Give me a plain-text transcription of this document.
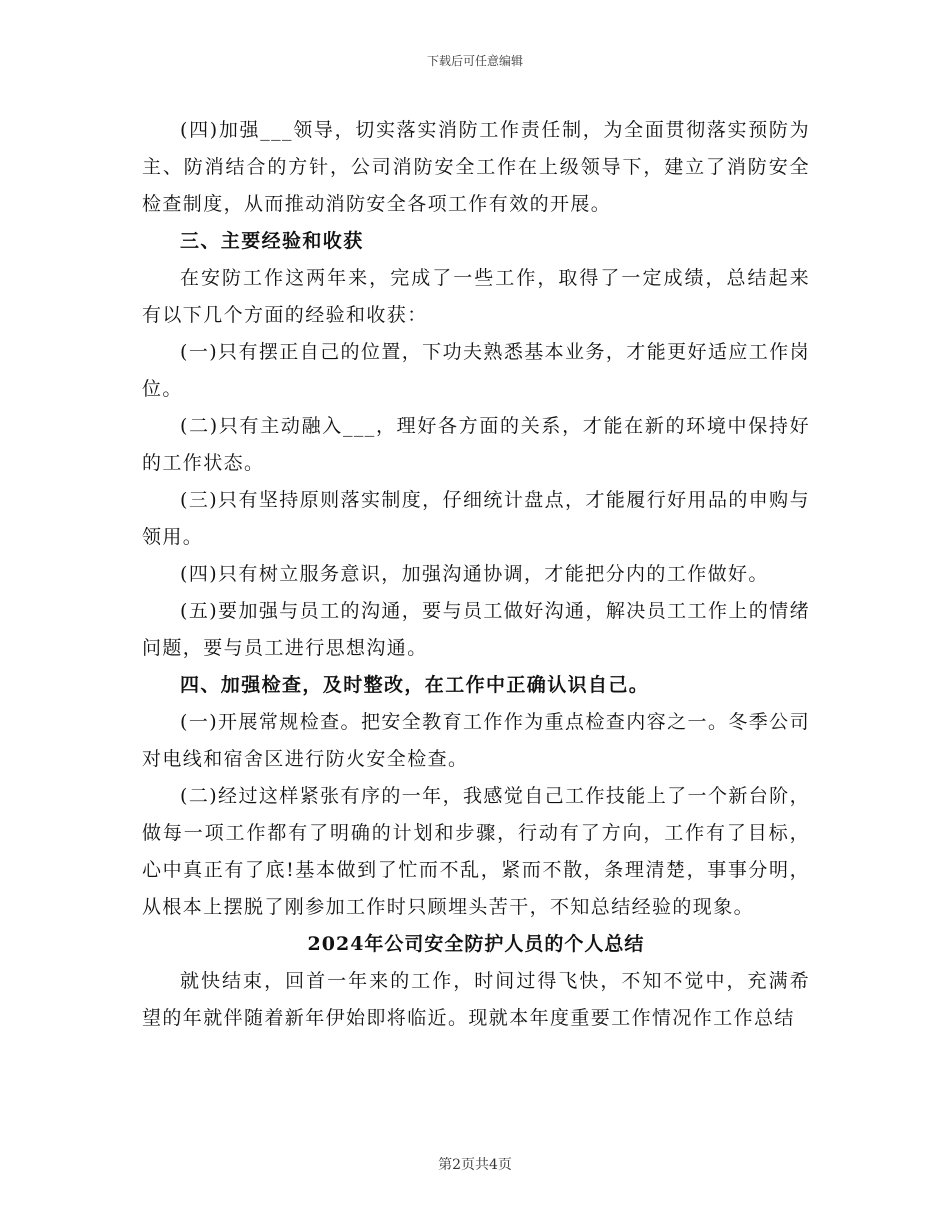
下载后可任意编辑

(四)加强___领导，切实落实消防工作责任制，为全面贯彻落实预防为主、防消结合的方针，公司消防安全工作在上级领导下，建立了消防安全检查制度，从而推动消防安全各项工作有效的开展。

三、主要经验和收获

在安防工作这两年来，完成了一些工作，取得了一定成绩，总结起来有以下几个方面的经验和收获：

(一)只有摆正自己的位置，下功夫熟悉基本业务，才能更好适应工作岗位。

(二)只有主动融入___，理好各方面的关系，才能在新的环境中保持好的工作状态。

(三)只有坚持原则落实制度，仔细统计盘点，才能履行好用品的申购与领用。

(四)只有树立服务意识，加强沟通协调，才能把分内的工作做好。

(五)要加强与员工的沟通，要与员工做好沟通，解决员工工作上的情绪问题，要与员工进行思想沟通。

四、加强检查，及时整改，在工作中正确认识自己。

(一)开展常规检查。把安全教育工作作为重点检查内容之一。冬季公司对电线和宿舍区进行防火安全检查。

(二)经过这样紧张有序的一年，我感觉自己工作技能上了一个新台阶，做每一项工作都有了明确的计划和步骤，行动有了方向，工作有了目标，心中真正有了底!基本做到了忙而不乱，紧而不散，条理清楚，事事分明，从根本上摆脱了刚参加工作时只顾埋头苦干，不知总结经验的现象。

2024年公司安全防护人员的个人总结

就快结束，回首一年来的工作，时间过得飞快，不知不觉中，充满希望的年就伴随着新年伊始即将临近。现就本年度重要工作情况作工作总结

第2页共4页
